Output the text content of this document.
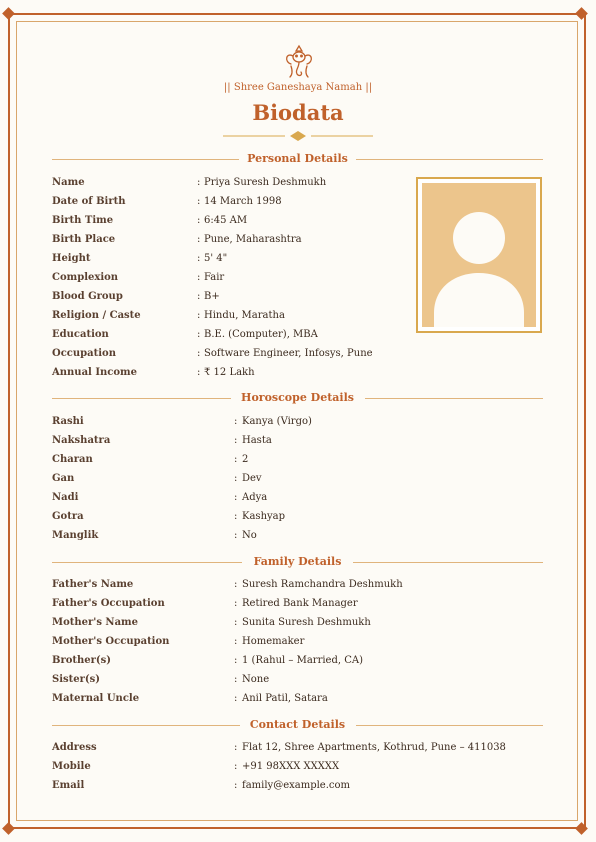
|| Shree Ganeshaya Namah ||
Biodata
Personal Details
Name	: Priya Suresh Deshmukh
Date of Birth	: 14 March 1998
Birth Time	: 6:45 AM
Birth Place	: Pune, Maharashtra
Height	: 5' 4"
Complexion	: Fair
Blood Group	: B+
Religion / Caste	: Hindu, Maratha
Education	: B.E. (Computer), MBA
Occupation	: Software Engineer, Infosys, Pune
Annual Income	: ₹ 12 Lakh
Horoscope Details
Rashi	: Kanya (Virgo)
Nakshatra	: Hasta
Charan	: 2
Gan	: Dev
Nadi	: Adya
Gotra	: Kashyap
Manglik	: No
Family Details
Father's Name	: Suresh Ramchandra Deshmukh
Father's Occupation	: Retired Bank Manager
Mother's Name	: Sunita Suresh Deshmukh
Mother's Occupation	: Homemaker
Brother(s)	: 1 (Rahul – Married, CA)
Sister(s)	: None
Maternal Uncle	: Anil Patil, Satara
Contact Details
Address	: Flat 12, Shree Apartments, Kothrud, Pune – 411038
Mobile	: +91 98XXX XXXXX
Email	: family@example.com
